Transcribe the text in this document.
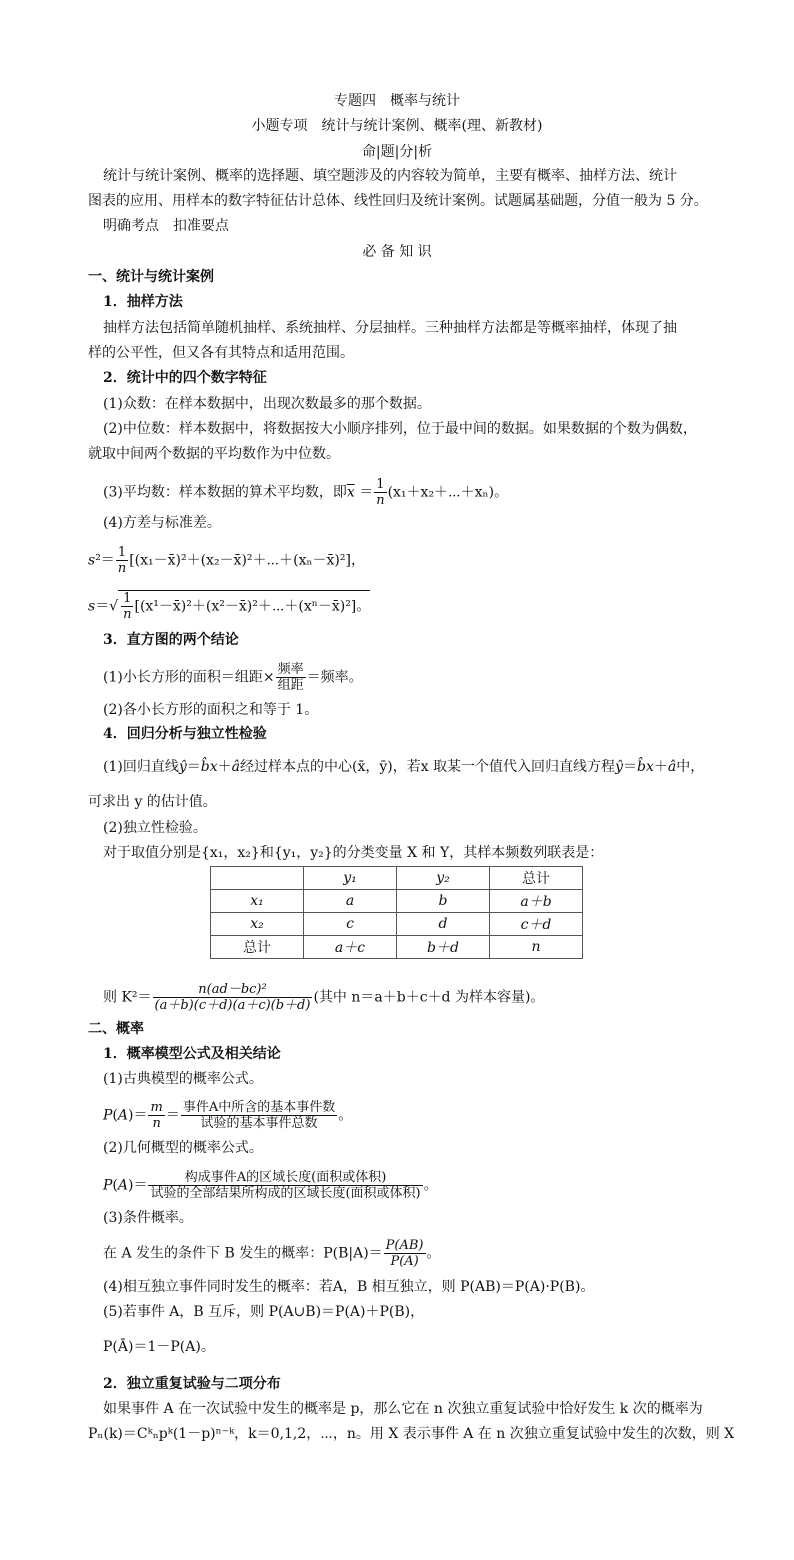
专题四　概率与统计
小题专项　统计与统计案例、概率(理、新教材)
命|题|分|析
统计与统计案例、概率的选择题、填空题涉及的内容较为简单，主要有概率、抽样方法、统计
图表的应用、用样本的数字特征估计总体、线性回归及统计案例。试题属基础题，分值一般为 5 分。
明确考点　扣准要点
必 备 知 识
一、统计与统计案例
1．抽样方法
抽样方法包括简单随机抽样、系统抽样、分层抽样。三种抽样方法都是等概率抽样，体现了抽
样的公平性，但又各有其特点和适用范围。
2．统计中的四个数字特征
(1)众数：在样本数据中，出现次数最多的那个数据。
(2)中位数：样本数据中，将数据按大小顺序排列，位于最中间的数据。如果数据的个数为偶数，
就取中间两个数据的平均数作为中位数。
(3)平均数：样本数据的算术平均数，即$\overline{x} = \frac{1}{n}$ (x₁＋x₂＋⋯＋xₙ)。
(4)方差与标准差。
$s^2= \frac{1}{n}$ [(x₁－x̄)²＋(x₂－x̄)²＋⋯＋(xₙ－x̄)²]，
$s=√ \frac{1}{n}$ [(x¹－x̄)²＋(x²－x̄)²＋⋯＋(xⁿ－x̄)²]。
3．直方图的两个结论
(1)小长方形的面积＝组距× $\frac{\text{频率}}{\text{组距}}$ ＝频率。
(2)各小长方形的面积之和等于 1。
4．回归分析与独立性检验
(1)回归直线ŷ＝b̂x＋â经过样本点的中心(x̄，ȳ)，若x 取某一个值代入回归直线方程ŷ＝b̂x＋â中，
可求出 y 的估计值。
(2)独立性检验。
对于取值分别是{x₁，x₂}和{y₁，y₂}的分类变量 X 和 Y，其样本频数列联表是：
	y₁	y₂	总计
x₁	a	b	a＋b
x₂	c	d	c＋d
总计	a＋c	b＋d	n
则 $K^2= \frac{\text{n(ad－bc)²}}{(a+b)(c+d)(a+c)(b+d)}$ (其中 n＝a＋b＋c＋d 为样本容量)。
二、概率
1．概率模型公式及相关结论
(1)古典模型的概率公式。
$P(A)= \frac{m}{n} = \frac{\text{事件A中所含的基本事件数}}{\text{试验的基本事件总数}}$ 。
(2)几何概型的概率公式。
$P(A)= \frac{\text{构成事件A的区域长度(面积或体积)}}{\text{试验的全部结果所构成的区域长度(面积或体积)}}$ 。
(3)条件概率。
在 A 发生的条件下 B 发生的概率：$P(B|A)= \frac{P(AB)}{P(A)}$ 。
(4)相互独立事件同时发生的概率：若A，B 相互独立，则 P(AB)＝P(A)·P(B)。
(5)若事件 A，B 互斥，则 P(A∪B)＝P(A)＋P(B)，
P(Ā)＝1－P(A)。
2．独立重复试验与二项分布
如果事件 A 在一次试验中发生的概率是 p，那么它在 n 次独立重复试验中恰好发生 k 次的概率为
Pₙ(k)＝Cᵏₙpᵏ(1－p)ⁿ⁻ᵏ，k＝0,1,2，⋯，n。用 X 表示事件 A 在 n 次独立重复试验中发生的次数，则 X
